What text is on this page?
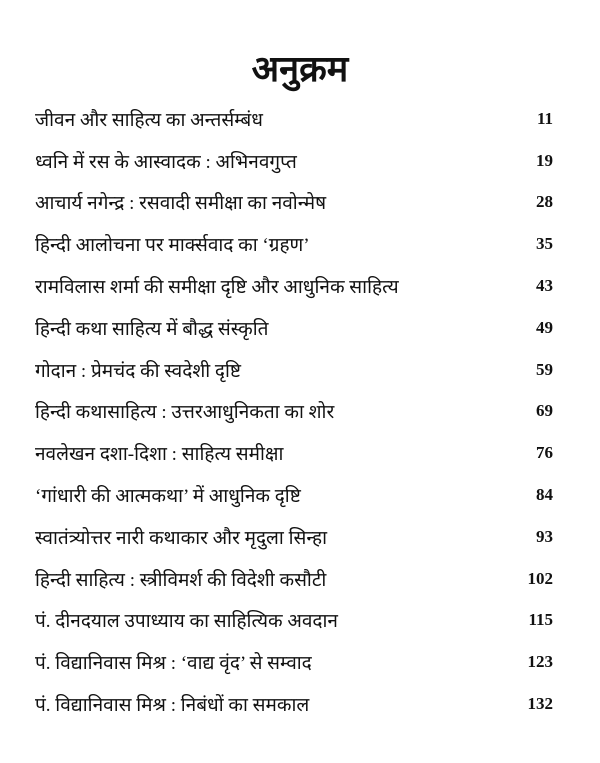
अनुक्रम
जीवन और साहित्य का अन्तर्सम्बंध	11
ध्वनि में रस के आस्वादक : अभिनवगुप्त	19
आचार्य नगेन्द्र : रसवादी समीक्षा का नवोन्मेष	28
हिन्दी आलोचना पर मार्क्सवाद का ‘ग्रहण’	35
रामविलास शर्मा की समीक्षा दृष्टि और आधुनिक साहित्य	43
हिन्दी कथा साहित्य में बौद्ध संस्कृति	49
गोदान : प्रेमचंद की स्वदेशी दृष्टि	59
हिन्दी कथासाहित्य : उत्तरआधुनिकता का शोर	69
नवलेखन दशा-दिशा : साहित्य समीक्षा	76
‘गांधारी की आत्मकथा’ में आधुनिक दृष्टि	84
स्वातंत्र्योत्तर नारी कथाकार और मृदुला सिन्हा	93
हिन्दी साहित्य : स्त्रीविमर्श की विदेशी कसौटी	102
पं. दीनदयाल उपाध्याय का साहित्यिक अवदान	115
पं. विद्यानिवास मिश्र : ‘वाद्य वृंद’ से सम्वाद	123
पं. विद्यानिवास मिश्र : निबंधों का समकाल	132
